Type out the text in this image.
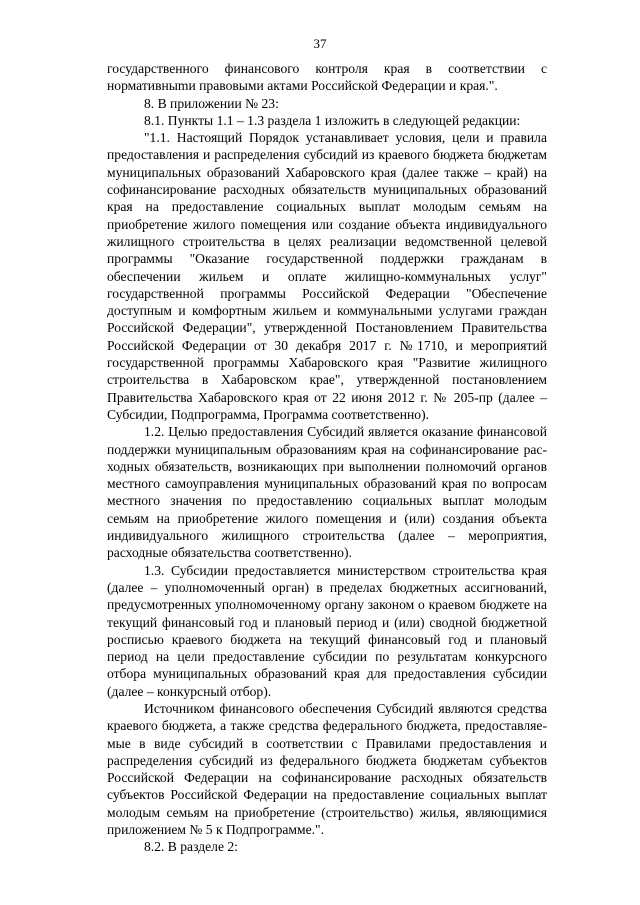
37

государственного финансового контроля края в соответствии с нормативныmи правовыми актами Российской Федерации и края.".

8. В приложении № 23:

8.1. Пункты 1.1 – 1.3 раздела 1 изложить в следующей редакции:

"1.1. Настоящий Порядок устанавливает условия, цели и правила предоставления и распределения субсидий из краевого бюджета бюджетам муниципальных образований Хабаровского края (далее также – край) на софинансирование расходных обязательств муниципальных образований края на предоставление социальных выплат молодым семьям на приобретение жилого помещения или создание объекта индивидуального жилищного строительства в целях реализации ведомственной целевой программы "Оказание государственной поддержки гражданам в обеспечении жильем и оплате жилищно-коммунальных услуг" государственной программы Российской Федерации "Обеспечение доступным и комфортным жильем и коммунальными услугами граждан Российской Федерации", утвержденной Постановлением Правительства Российской Федерации от 30 декабря 2017 г. №1710, и мероприятий государственной программы Хабаровского края "Развитие жилищного строительства в Хабаровском крае", утвержденной постановлением Правительства Хабаровского края от 22 июня 2012 г. № 205-пр (далее – Субсидии, Подпрограмма, Программа соответственно).

1.2. Целью предоставления Субсидий является оказание финансовой поддержки муниципальным образованиям края на софинансирование расходных обязательств, возникающих при выполнении полномочий органов местного самоуправления муниципальных образований края по вопросам местного значения по предоставлению социальных выплат молодым семьям на приобретение жилого помещения и (или) создания объекта индивидуального жилищного строительства (далее – мероприятия, расходные обязательства соответственно).

1.3. Субсидии предоставляется министерством строительства края (далее – уполномоченный орган) в пределах бюджетных ассигнований, предусмотренных уполномоченному органу законом о краевом бюджете на текущий финансовый год и плановый период и (или) сводной бюджетной росписью краевого бюджета на текущий финансовый год и плановый период на цели предоставление субсидии по результатам конкурсного отбора муниципальных образований края для предоставления субсидии (далее – конкурсный отбор).

Источником финансового обеспечения Субсидий являются средства краевого бюджета, а также средства федерального бюджета, предоставляемые в виде субсидий в соответствии с Правилами предоставления и распределения субсидий из федерального бюджета бюджетам субъектов Российской Федерации на софинансирование расходных обязательств субъектов Российской Федерации на предоставление социальных выплат молодым семьям на приобретение (строительство) жилья, являющимися приложением № 5 к Подпрограмме.".

8.2. В разделе 2:
